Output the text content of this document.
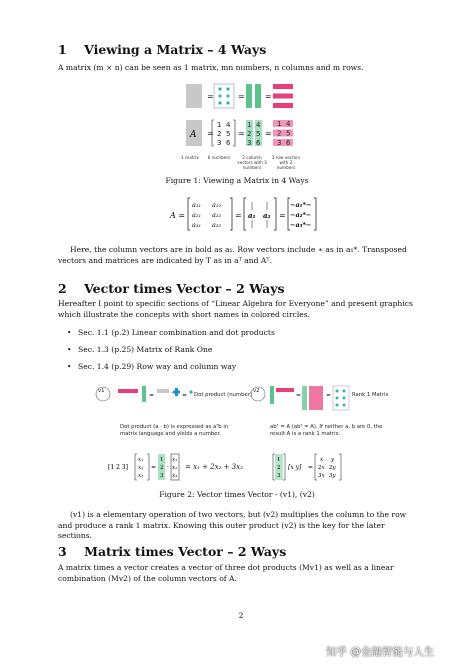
1 Viewing a Matrix – 4 Ways
A matrix (m × n) can be seen as 1 matrix, mn numbers, n columns and m rows.
=	=	=
A =
1 4
2 5
3 6
=
1 4
2 5
3 6
=
1 4
2 5
3 6
1 matrix	6 numbers	2 column vectors with 3 numbers
3 row vectors with 2 numbers
Figure 1: Viewing a Matrix in 4 Ways
A =
a₁₁ a₁₂
a₂₁ a₂₂
a₃₁ a₃₂
= a₁ a₂ =
−a₁*−
−a₂*−
−a₃*−
Here, the column vectors are in bold as a₁. Row vectors include ∗ as in a₁*. Transposed vectors and matrices are indicated by T as in aᵀ and Aᵀ.
2 Vector times Vector – 2 Ways
Hereafter I point to specific sections of “Linear Algebra for Everyone” and present graphics which illustrate the concepts with short names in colored circles.
• Sec. 1.1 (p.2) Linear combination and dot products
• Sec. 1.3 (p.25) Matrix of Rank One
• Sec. 1.4 (p.29) Row way and column way
=	· =	=	=
[1 2 3]
x₁
x₂
x₃
=
1
2
3
·
x₁
x₂
x₃
1
2
3
[x y] =
x y
2x 2y
3x 3y
v1	v2
Dot product (number)	Rank 1 Matrix
Dot product (a · b) is expressed as aᵀb in matrix language and yields a number.
abᵀ = A (abᵀ = A). If neither a, b are 0, the result A is a rank 1 matrix.
= x₁ + 2x₂ + 3x₃
Figure 2: Vector times Vector - (v1), (v2)
(v1) is a elementary operation of two vectors, but (v2) multiplies the column to the row and produce a rank 1 matrix. Knowing this outer product (v2) is the key for the later sections.
3 Matrix times Vector – 2 Ways
A matrix times a vector creates a vector of three dot products (Mv1) as well as a linear combination (Mv2) of the column vectors of A.
2
知乎 @金融智能与人生
